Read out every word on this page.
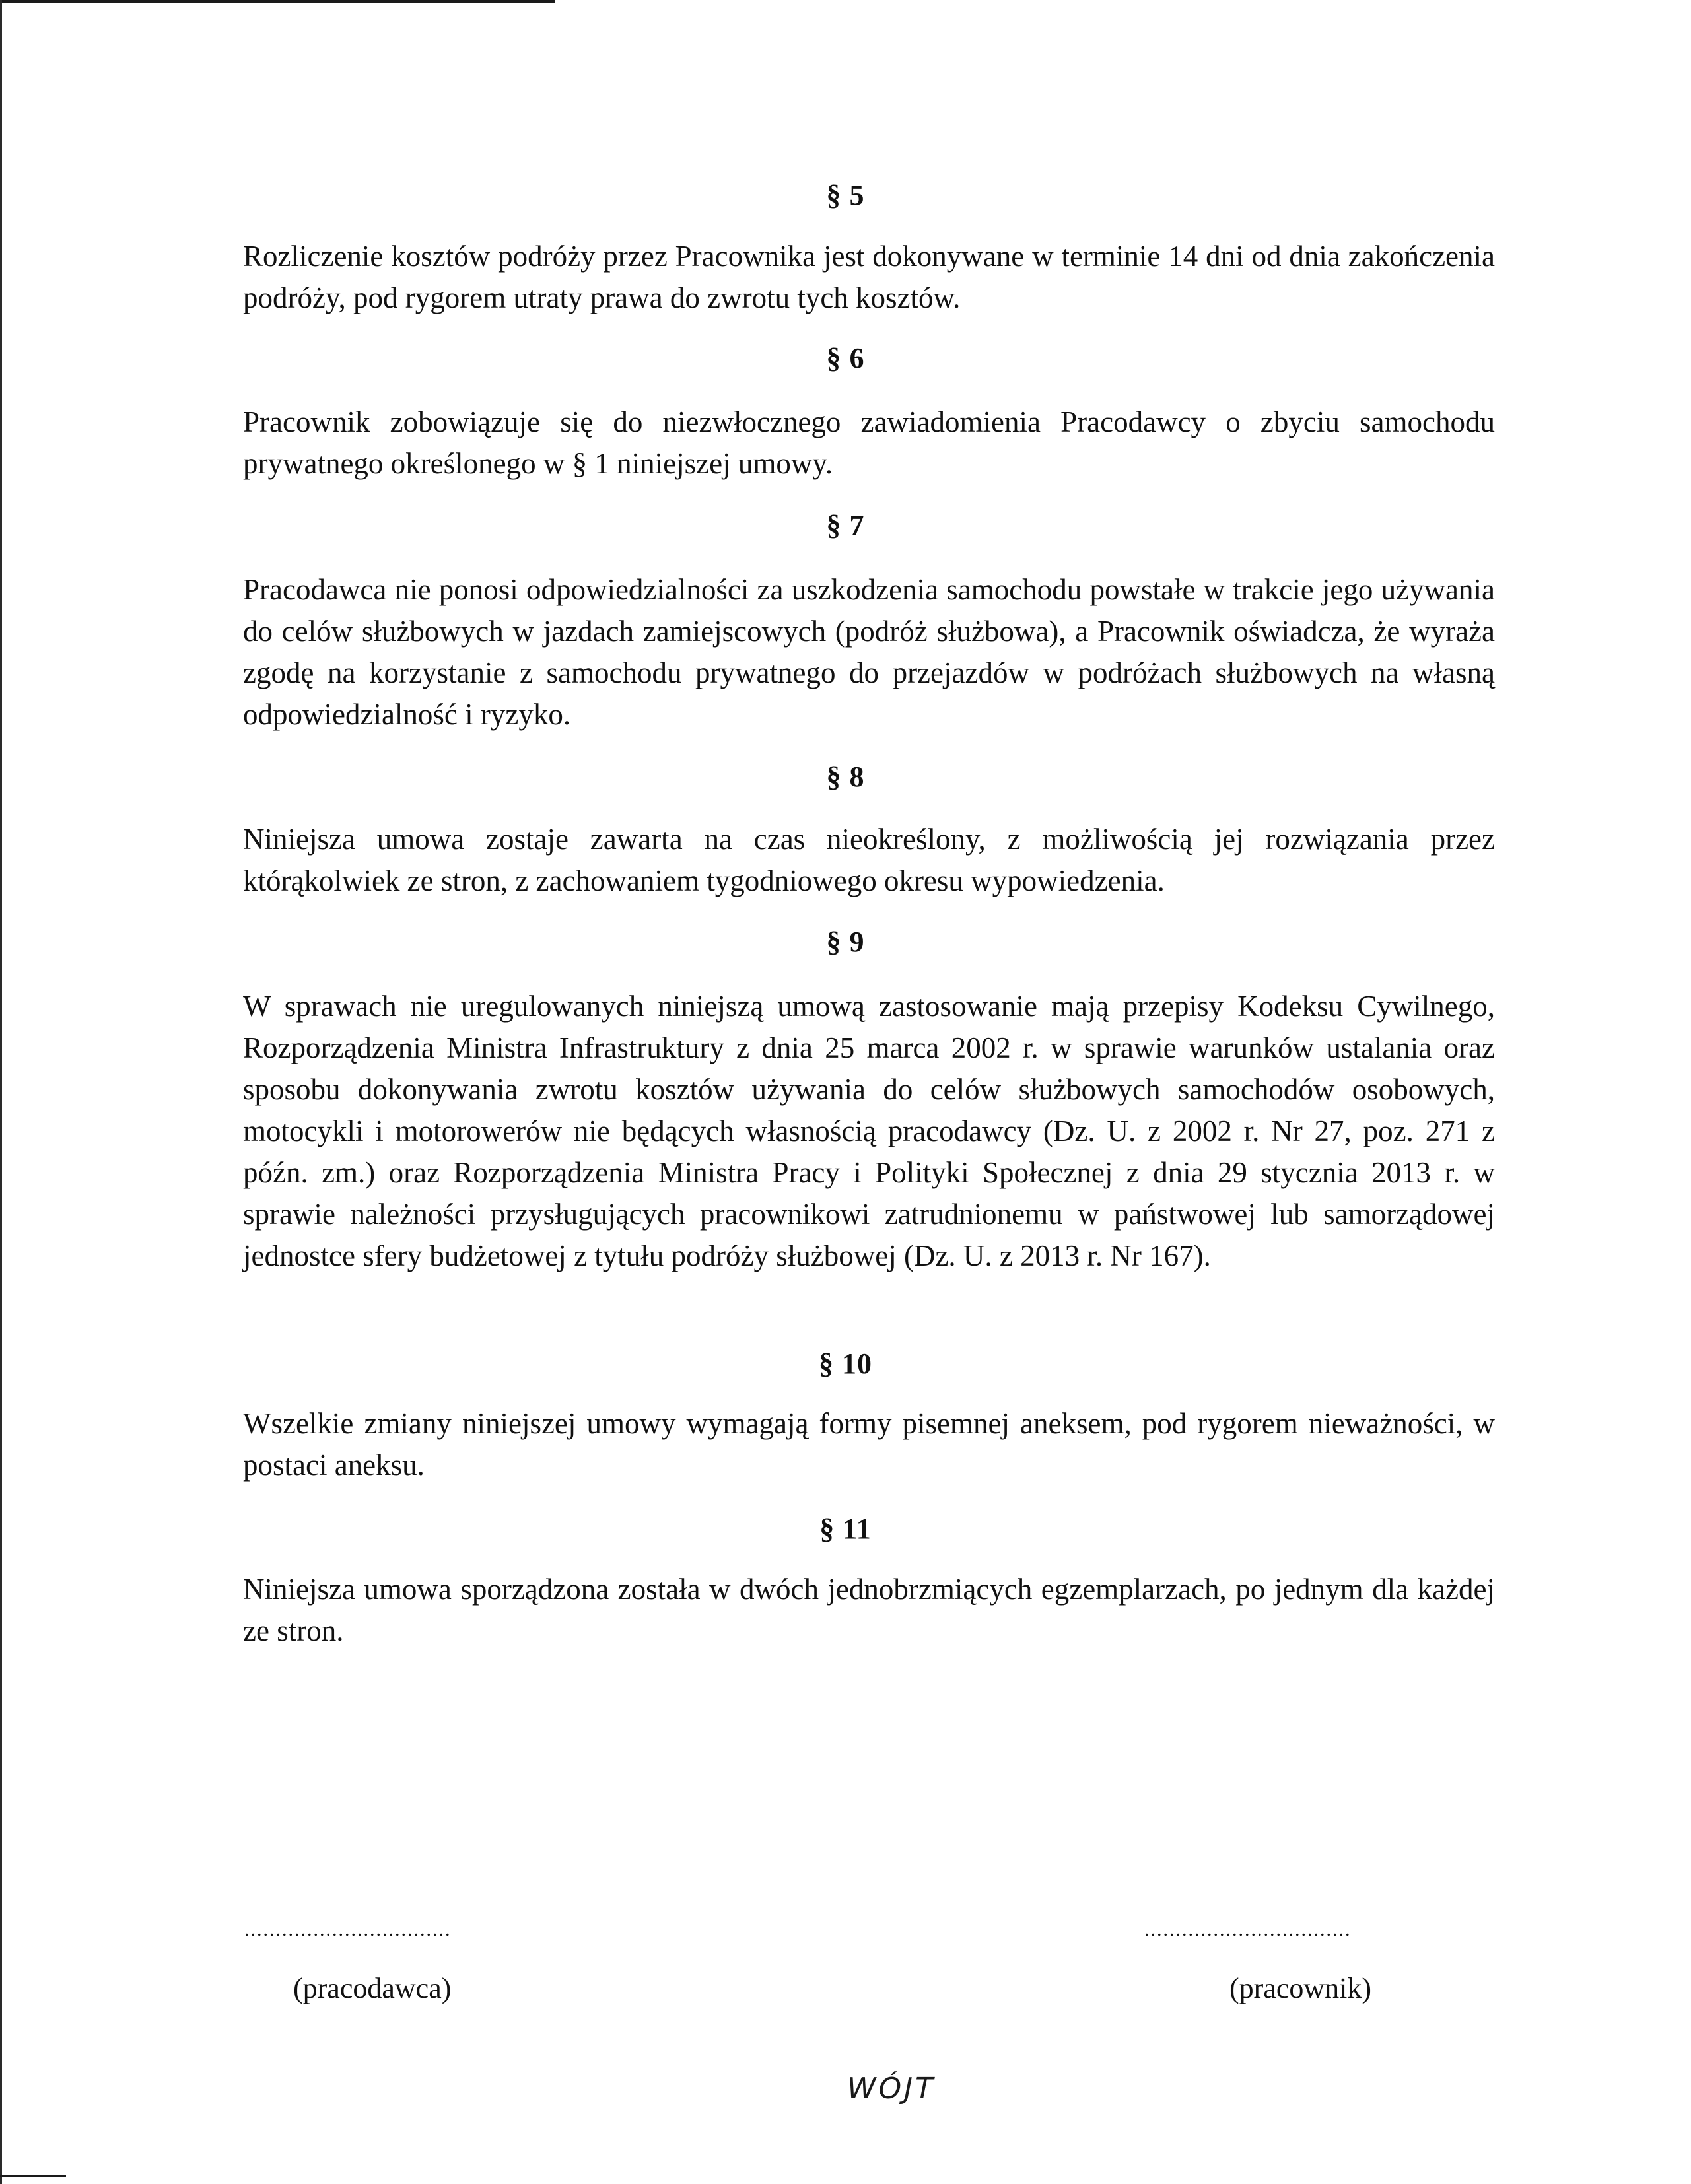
§ 5
Rozliczenie kosztów podróży przez Pracownika jest dokonywane w terminie 14 dni od dnia zakończenia podróży, pod rygorem utraty prawa do zwrotu tych kosztów.
§ 6
Pracownik zobowiązuje się do niezwłocznego zawiadomienia Pracodawcy o zbyciu samochodu prywatnego określonego w § 1 niniejszej umowy.
§ 7
Pracodawca nie ponosi odpowiedzialności za uszkodzenia samochodu powstałe w trakcie jego używania do celów służbowych w jazdach zamiejscowych (podróż służbowa), a Pracownik oświadcza, że wyraża zgodę na korzystanie z samochodu prywatnego do przejazdów w podróżach służbowych na własną odpowiedzialność i ryzyko.
§ 8
Niniejsza umowa zostaje zawarta na czas nieokreślony, z możliwością jej rozwiązania przez którąkolwiek ze stron, z zachowaniem tygodniowego okresu wypowiedzenia.
§ 9
W sprawach nie uregulowanych niniejszą umową zastosowanie mają przepisy Kodeksu Cywilnego, Rozporządzenia Ministra Infrastruktury z dnia 25 marca 2002 r. w sprawie warunków ustalania oraz sposobu dokonywania zwrotu kosztów używania do celów służbowych samochodów osobowych, motocykli i motorowerów nie będących własnością pracodawcy (Dz. U. z 2002 r. Nr 27, poz. 271 z późn. zm.) oraz Rozporządzenia Ministra Pracy i Polityki Społecznej z dnia 29 stycznia 2013 r. w sprawie należności przysługujących pracownikowi zatrudnionemu w państwowej lub samorządowej jednostce sfery budżetowej z tytułu podróży służbowej (Dz. U. z 2013 r. Nr 167).
§ 10
Wszelkie zmiany niniejszej umowy wymagają formy pisemnej aneksem, pod rygorem nieważności, w postaci aneksu.
§ 11
Niniejsza umowa sporządzona została w dwóch jednobrzmiących egzemplarzach, po jednym dla każdej ze stron.
.................................
(pracodawca)
.................................
(pracownik)
WÓJT
